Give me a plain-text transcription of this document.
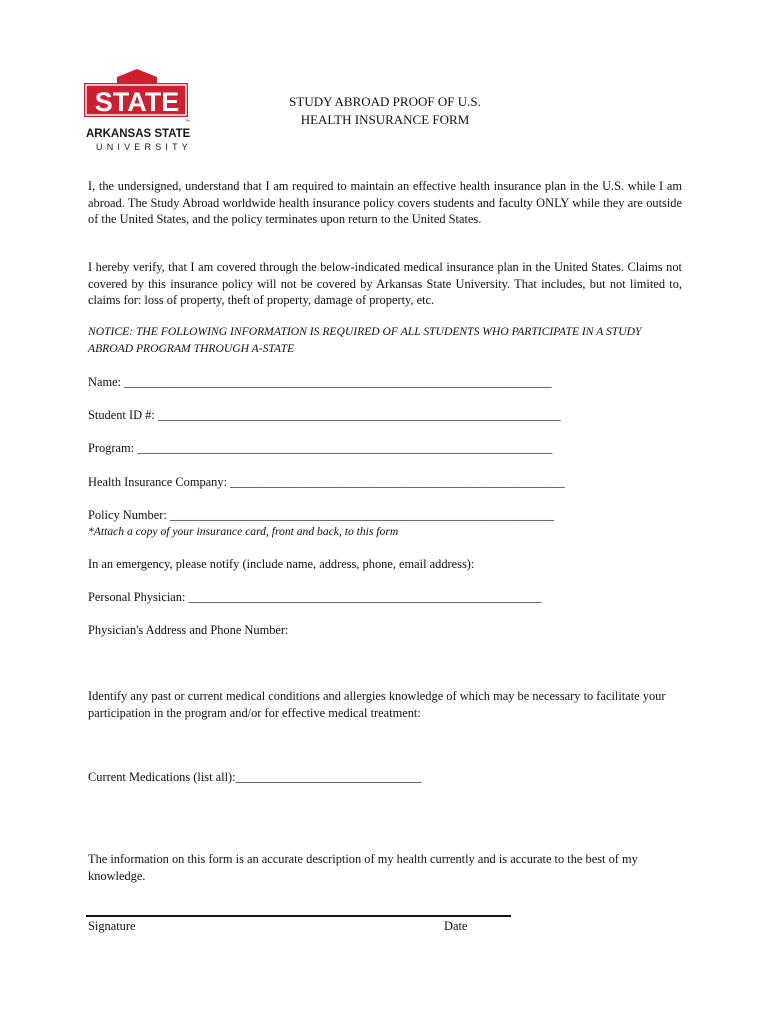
STATE
™
ARKANSAS STATE
UNIVERSITY
STUDY ABROAD PROOF OF U.S.
HEALTH INSURANCE FORM

I, the undersigned, understand that I am required to maintain an effective health insurance plan in the U.S. while I am abroad. The Study Abroad worldwide health insurance policy covers students and faculty ONLY while they are outside of the United States, and the policy terminates upon return to the United States.

I hereby verify, that I am covered through the below-indicated medical insurance plan in the United States. Claims not covered by this insurance policy will not be covered by Arkansas State University. That includes, but not limited to, claims for: loss of property, theft of property, damage of property, etc.

NOTICE: THE FOLLOWING INFORMATION IS REQUIRED OF ALL STUDENTS WHO PARTICIPATE IN A STUDY ABROAD PROGRAM THROUGH A-STATE

Name: _____________________________________________________________________
Student ID #: _________________________________________________________________
Program: ___________________________________________________________________
Health Insurance Company: ______________________________________________________
Policy Number: ______________________________________________________________
*Attach a copy of your insurance card, front and back, to this form
In an emergency, please notify (include name, address, phone, email address):
Personal Physician: _________________________________________________________
Physician's Address and Phone Number:

Identify any past or current medical conditions and allergies knowledge of which may be necessary to facilitate your participation in the program and/or for effective medical treatment:

Current Medications (list all):______________________________

The information on this form is an accurate description of my health currently and is accurate to the best of my knowledge.

Signature	Date
